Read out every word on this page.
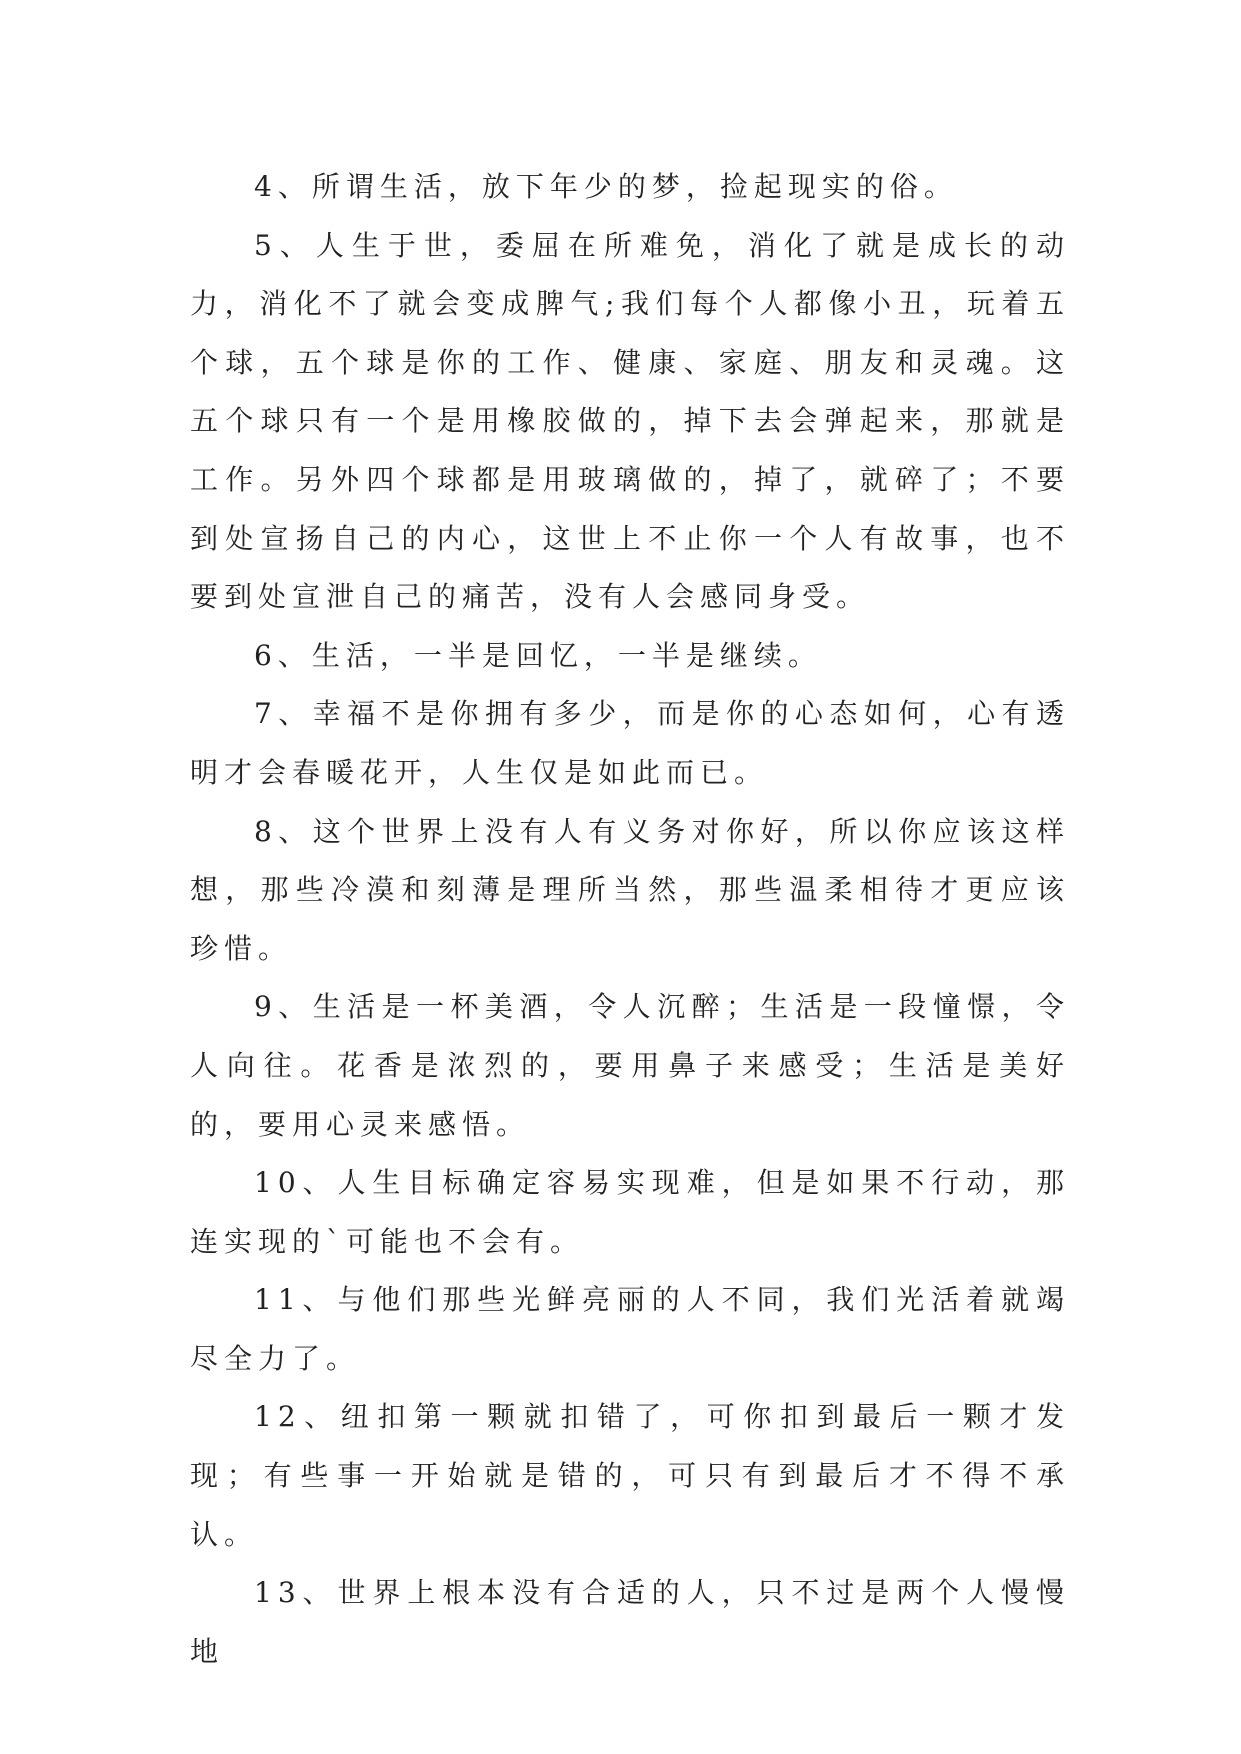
4、所谓生活，放下年少的梦，捡起现实的俗。

5、人生于世，委屈在所难免，消化了就是成长的动力，消化不了就会变成脾气;我们每个人都像小丑，玩着五个球，五个球是你的工作、健康、家庭、朋友和灵魂。这五个球只有一个是用橡胶做的，掉下去会弹起来，那就是工作。另外四个球都是用玻璃做的，掉了，就碎了；不要到处宣扬自己的内心，这世上不止你一个人有故事，也不要到处宣泄自己的痛苦，没有人会感同身受。

6、生活，一半是回忆，一半是继续。

7、幸福不是你拥有多少，而是你的心态如何，心有透明才会春暖花开，人生仅是如此而已。

8、这个世界上没有人有义务对你好，所以你应该这样想，那些冷漠和刻薄是理所当然，那些温柔相待才更应该珍惜。

9、生活是一杯美酒，令人沉醉；生活是一段憧憬，令人向往。花香是浓烈的，要用鼻子来感受；生活是美好的，要用心灵来感悟。

10、人生目标确定容易实现难，但是如果不行动，那连实现的`可能也不会有。

11、与他们那些光鲜亮丽的人不同，我们光活着就竭尽全力了。

12、纽扣第一颗就扣错了，可你扣到最后一颗才发现；有些事一开始就是错的，可只有到最后才不得不承认。

13、世界上根本没有合适的人，只不过是两个人慢慢地
